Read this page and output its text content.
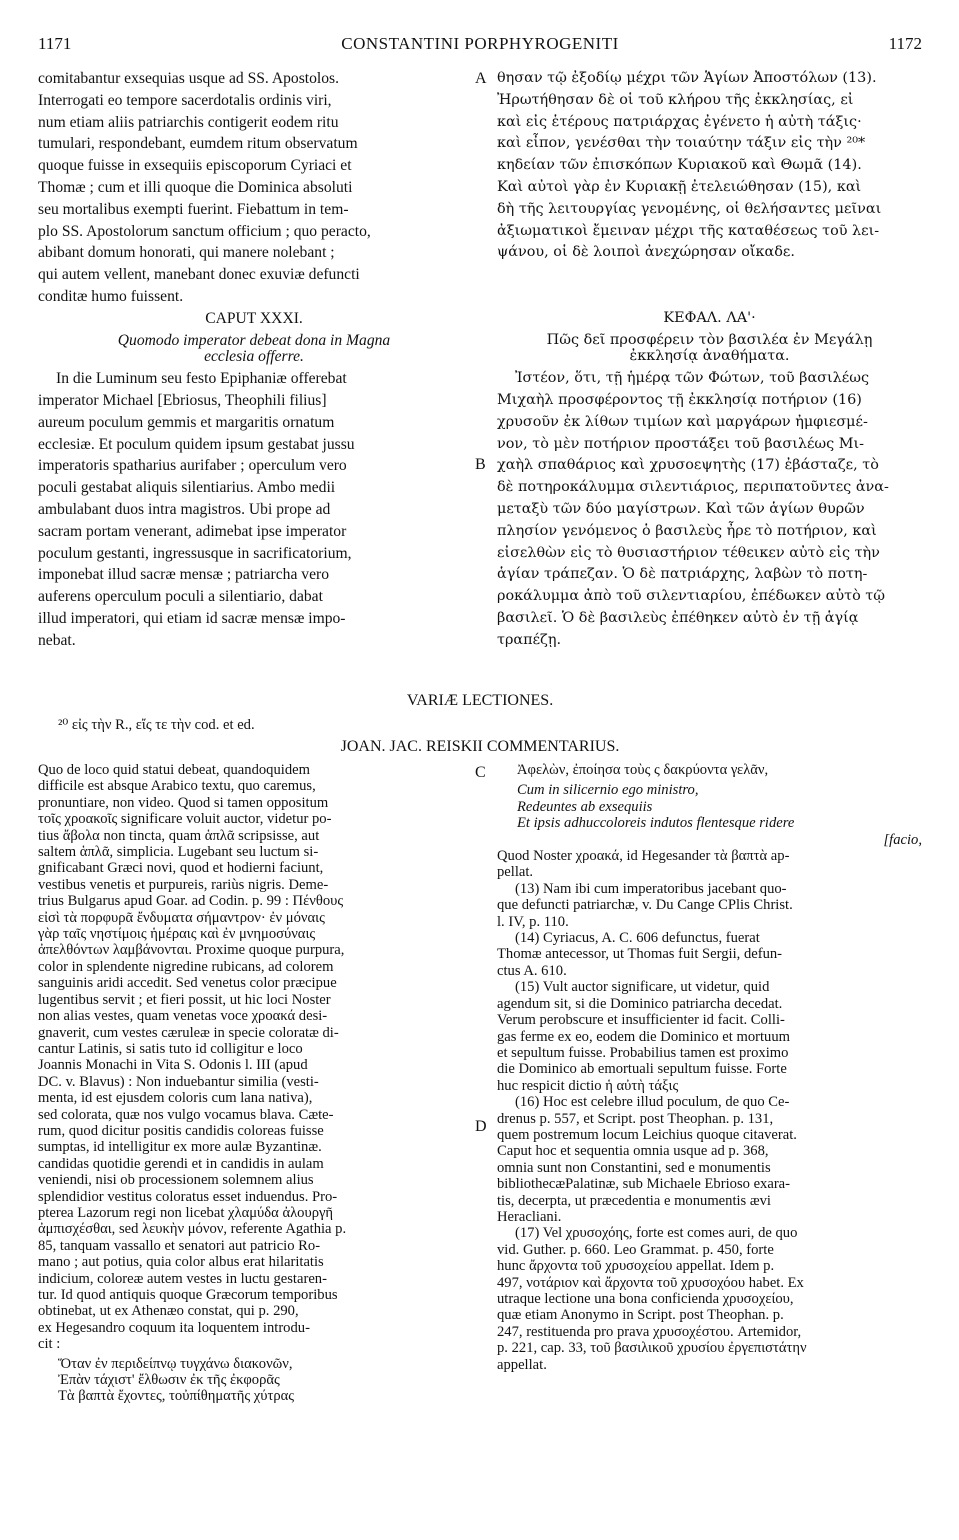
1171	CONSTANTINI PORPHYROGENITI	1172
A
B
C
D

comitabantur exsequias usque ad SS. Apostolos.

Interrogati eo tempore sacerdotalis ordinis viri,

num etiam aliis patriarchis contigerit eodem ritu

tumulari, respondebant, eumdem ritum observatum

quoque fuisse in exsequiis episcoporum Cyriaci et

Thomæ ; cum et illi quoque die Dominica absoluti

seu mortalibus exempti fuerint. Fiebattum in tem-

plo SS. Apostolorum sanctum officium ; quo peracto,

abibant domum honorati, qui manere nolebant ;

qui autem vellent, manebant donec exuviæ defuncti

conditæ humo fuissent.

CAPUT XXXI.

Quomodo imperator debeat dona in Magna

ecclesia offerre.

In die Luminum seu festo Epiphaniæ offerebat

imperator Michael [Ebriosus, Theophili filius]

aureum poculum gemmis et margaritis ornatum

ecclesiæ. Et poculum quidem ipsum gestabat jussu

imperatoris spatharius aurifaber ; operculum vero

poculi gestabat aliquis silentiarius. Ambo medii

ambulabant duos intra magistros. Ubi prope ad

sacram portam venerant, adimebat ipse imperator

poculum gestanti, ingressusque in sacrificatorium,

imponebat illud sacræ mensæ ; patriarcha vero

auferens operculum poculi a silentiario, dabat

illud imperatori, qui etiam id sacræ mensæ impo-

nebat.

θησαν τῷ ἐξοδίῳ μέχρι τῶν Ἁγίων Ἀποστόλων (13).

Ἠρωτήθησαν δὲ οἱ τοῦ κλήρου τῆς ἐκκλησίας, εἰ

καὶ εἰς ἑτέρους πατριάρχας ἐγένετο ἡ αὐτὴ τάξις·

καὶ εἶπον, γενέσθαι τὴν τοιαύτην τάξιν εἰς τὴν ²⁰*

κηδείαν τῶν ἐπισκόπων Κυριακοῦ καὶ Θωμᾶ (14).

Καὶ αὐτοὶ γὰρ ἐν Κυριακῇ ἐτελειώθησαν (15), καὶ

δὴ τῆς λειτουργίας γενομένης, οἱ θελήσαντες μεῖναι

ἀξιωματικοὶ ἔμειναν μέχρι τῆς καταθέσεως τοῦ λει-

ψάνου, οἱ δὲ λοιποὶ ἀνεχώρησαν οἴκαδε.

ΚΕΦΑΛ. ΛΑ'·

Πῶς δεῖ προσφέρειν τὸν βασιλέα ἐν Μεγάλῃ

ἐκκλησίᾳ ἀναθήματα.

Ἰστέον, ὅτι, τῇ ἡμέρᾳ τῶν Φώτων, τοῦ βασιλέως

Μιχαὴλ προσφέροντος τῇ ἐκκλησίᾳ ποτήριον (16)

χρυσοῦν ἐκ λίθων τιμίων καὶ μαργάρων ἠμφιεσμέ-

νον, τὸ μὲν ποτήριον προστάξει τοῦ βασιλέως Μι-

χαὴλ σπαθάριος καὶ χρυσοεψητὴς (17) ἐβάσταζε, τὸ

δὲ ποτηροκάλυμμα σιλεντιάριος, περιπατοῦντες ἀνα-

μεταξὺ τῶν δύο μαγίστρων. Καὶ τῶν ἁγίων θυρῶν

πλησίον γενόμενος ὁ βασιλεὺς ἦρε τὸ ποτήριον, καὶ

εἰσελθὼν εἰς τὸ θυσιαστήριον τέθεικεν αὐτὸ εἰς τὴν

ἁγίαν τράπεζαν. Ὁ δὲ πατριάρχης, λαβὼν τὸ ποτη-

ροκάλυμμα ἀπὸ τοῦ σιλεντιαρίου, ἐπέδωκεν αὐτὸ τῷ

βασιλεῖ. Ὁ δὲ βασιλεὺς ἐπέθηκεν αὐτὸ ἐν τῇ ἁγίᾳ

τραπέζῃ.

VARIÆ LECTIONES.
²⁰ εἰς τὴν R., εἴς τε τὴν cod. et ed.
JOAN. JAC. REISKII COMMENTARIUS.

Quo de loco quid statui debeat, quandoquidem

difficile est absque Arabico textu, quo caremus,

pronuntiare, non video. Quod si tamen oppositum

τοῖς χροακοῖς significare voluit auctor, videtur po-

tius ἄβολα non tincta, quam ἁπλᾶ scripsisse, aut

saltem ἁπλᾶ, simplicia. Lugebant seu luctum si-

gnificabant Græci novi, quod et hodierni faciunt,

vestibus venetis et purpureis, rariùs nigris. Deme-

trius Bulgarus apud Goar. ad Codin. p. 99 : Πένθους

εἰσὶ τὰ πορφυρᾶ ἔνδυματα σήμαντρον· ἐν μόναις

γὰρ ταῖς νηστίμοις ἡμέραις καὶ ἐν μνημοσύναις

ἀπελθόντων λαμβάνονται. Proxime quoque purpura,

color in splendente nigredine rubicans, ad colorem

sanguinis aridi accedit. Sed venetus color præcipue

lugentibus servit ; et fieri possit, ut hic loci Noster

non alias vestes, quam venetas voce χροακά desi-

gnaverit, cum vestes cæruleæ in specie coloratæ di-

cantur Latinis, si satis tuto id colligitur e loco

Joannis Monachi in Vita S. Odonis l. III (apud

DC. v. Blavus) : Non induebantur similia (vesti-

menta, id est ejusdem coloris cum lana nativa),

sed colorata, quæ nos vulgo vocamus blava. Cæte-

rum, quod dicitur positis candidis coloreas fuisse

sumptas, id intelligitur ex more aulæ Byzantinæ.

candidas quotidie gerendi et in candidis in aulam

veniendi, nisi ob processionem solemnem alius

splendidior vestitus coloratus esset induendus. Pro-

pterea Lazorum regi non licebat χλαμύδα ἀλουργῆ

ἀμπισχέσθαι, sed λευκὴν μόνον, referente Agathia p.

85, tanquam vassallo et senatori aut patricio Ro-

mano ; aut potius, quia color albus erat hilaritatis

indicium, coloreæ autem vestes in luctu gestaren-

tur. Id quod antiquis quoque Græcorum temporibus

obtinebat, ut ex Athenæo constat, qui p. 290,

ex Hegesandro coquum ita loquentem introdu-

cit :

Ὅταν ἐν περιδείπνῳ τυγχάνω διακονῶν,

Ἐπὰν τάχιστ' ἔλθωσιν ἐκ τῆς ἐκφορᾶς

Τὰ βαπτὰ ἔχοντες, τοὐπίθηματῆς χύτρας

Ἀφελὼν, ἐποίησα τοὺς ς δακρύοντα γελᾶν,

Cum in silicernio ego ministro,

Redeuntes ab exsequiis

Et ipsis adhuccoloreis indutos flentesque ridere

[facio,

Quod Noster χροακά, id Hegesander τὰ βαπτὰ ap-

pellat.

(13) Nam ibi cum imperatoribus jacebant quo-

que defuncti patriarchæ, v. Du Cange CPlis Christ.

l. IV, p. 110.

(14) Cyriacus, A. C. 606 defunctus, fuerat

Thomæ antecessor, ut Thomas fuit Sergii, defun-

ctus A. 610.

(15) Vult auctor significare, ut videtur, quid

agendum sit, si die Dominico patriarcha decedat.

Verum perobscure et insufficienter id facit. Colli-

gas ferme ex eo, eodem die Dominico et mortuum

et sepultum fuisse. Probabilius tamen est proximo

die Dominico ab emortuali sepultum fuisse. Forte

huc respicit dictio ἡ αὐτὴ τάξις

(16) Hoc est celebre illud poculum, de quo Ce-

drenus p. 557, et Script. post Theophan. p. 131,

quem postremum locum Leichius quoque citaverat.

Caput hoc et sequentia omnia usque ad p. 368,

omnia sunt non Constantini, sed e monumentis

bibliothecæPalatinæ, sub Michaele Ebrioso exara-

tis, decerpta, ut præcedentia e monumentis ævi

Heracliani.

(17) Vel χρυσοχόης, forte est comes auri, de quo

vid. Guther. p. 660. Leo Grammat. p. 450, forte

hunc ἄρχοντα τοῦ χρυσοχείου appellat. Idem p.

497, νοτάριον καὶ ἄρχοντα τοῦ χρυσοχόου habet. Ex

utraque lectione una bona conficienda χρυσοχείου,

quæ etiam Anonymo in Script. post Theophan. p.

247, restituenda pro prava χρυσοχέστου. Artemidor,

p. 221, cap. 33, τοῦ βασιλικοῦ χρυσίου ἐργεπιστάτην

appellat.
